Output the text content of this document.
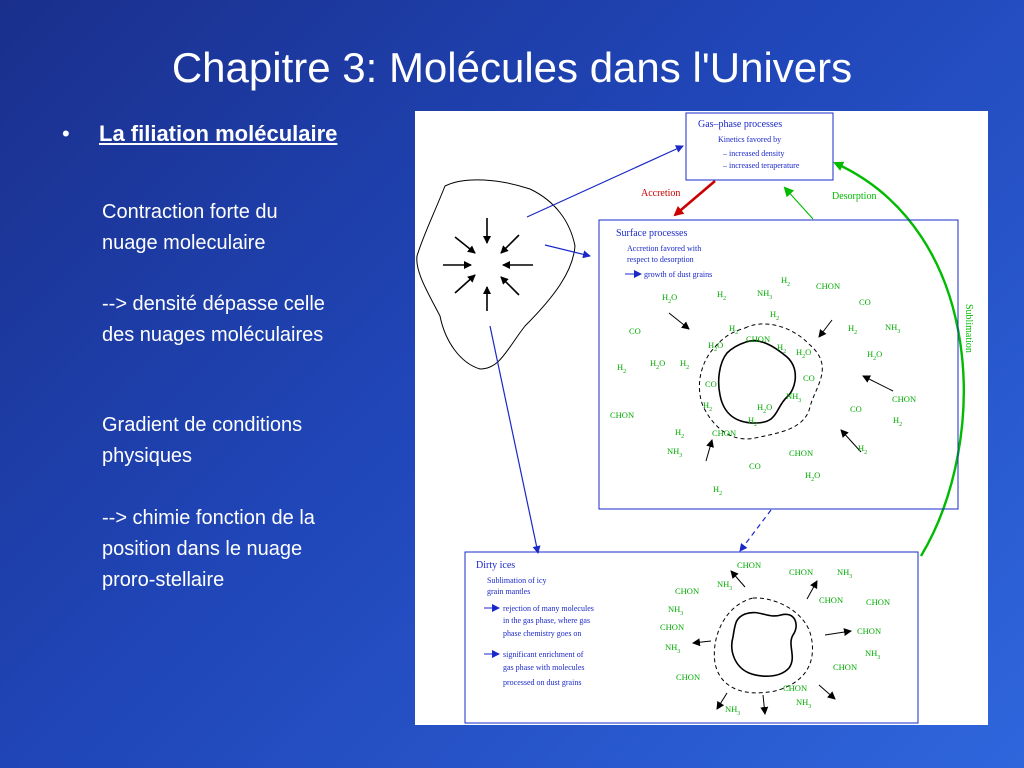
Chapitre 3: Molécules dans l'Univers
• La filiation moléculaire
Contraction forte du
nuage moleculaire
--> densité dépasse celle
des nuages moléculaires
Gradient de conditions
physiques
--> chimie fonction de la
position dans le nuage
proro-stellaire
Accretion	Desorption
Sublimation
Gas–phase processes
Kinetics favored by
– increased density
– increased teraperature
Surface processes
Accretion favored with
respect to desorption
growth of dust grains
$H_2$	CHON
$NH_3$
$H_2O$	$H_2$	CO
$H_2$
CO	$H_2$	$H_2$
$NH_3$
CHON
$H_2O$	$H_2$ $H_2O$	$H_2O$
$H_2O$ $H_2$
$H_2$
CO
CO
$NH_3$	CHON
$H_2$	$H_2O$	CO
CHON	$H_2$	$H_2$
CHON
$H_2$
$H_2$
$NH_3$	CHON
CO
$H_2O$
$H_2$
Dirty ices
Sublimation of icy
grain mantles
rejection of many molecules
in the gas phase, where gas
phase chemistry goes on
significant enrichment of
gas phase with molecules
processed on dust grains
CHON
CHON	$NH_3$
$NH_3$
CHON
CHON	CHON
$NH_3$
CHON	CHON
$NH_3$	$NH_3$
CHON
CHON
CHON
$NH_3$
$NH_3$
